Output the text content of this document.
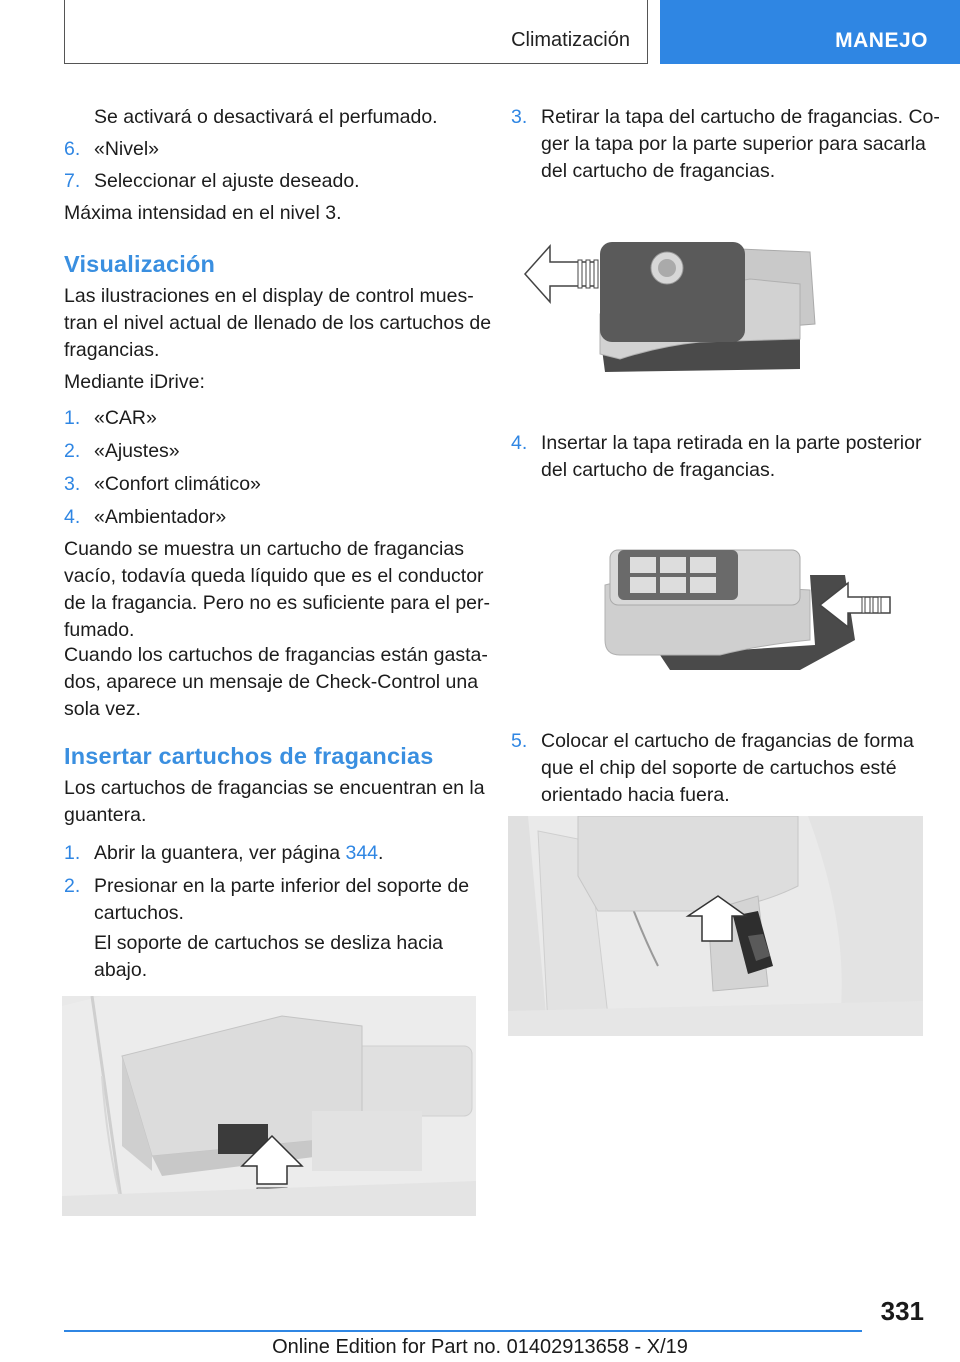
Climatización	MANEJO
Se activará o desactivará el perfumado.
6. «Nivel»
7. Seleccionar el ajuste deseado.
Máxima intensidad en el nivel 3.
Visualización
Las ilustraciones en el display de control mues-
tran el nivel actual de llenado de los cartuchos de
fragancias.
Mediante iDrive:
1. «CAR»
2. «Ajustes»
3. «Confort climático»
4. «Ambientador»
Cuando se muestra un cartucho de fragancias
vacío, todavía queda líquido que es el conductor
de la fragancia. Pero no es suficiente para el per-
fumado.
Cuando los cartuchos de fragancias están gasta-
dos, aparece un mensaje de Check-Control una
sola vez.
Insertar cartuchos de fragancias
Los cartuchos de fragancias se encuentran en la
guantera.
1. Abrir la guantera, ver página 344.
2. Presionar en la parte inferior del soporte de
cartuchos.
El soporte de cartuchos se desliza hacia
abajo.
3. Retirar la tapa del cartucho de fragancias. Co-
ger la tapa por la parte superior para sacarla
del cartucho de fragancias.
4. Insertar la tapa retirada en la parte posterior
del cartucho de fragancias.
5. Colocar el cartucho de fragancias de forma
que el chip del soporte de cartuchos esté
orientado hacia fuera.
331
Online Edition for Part no. 01402913658 - X/19
